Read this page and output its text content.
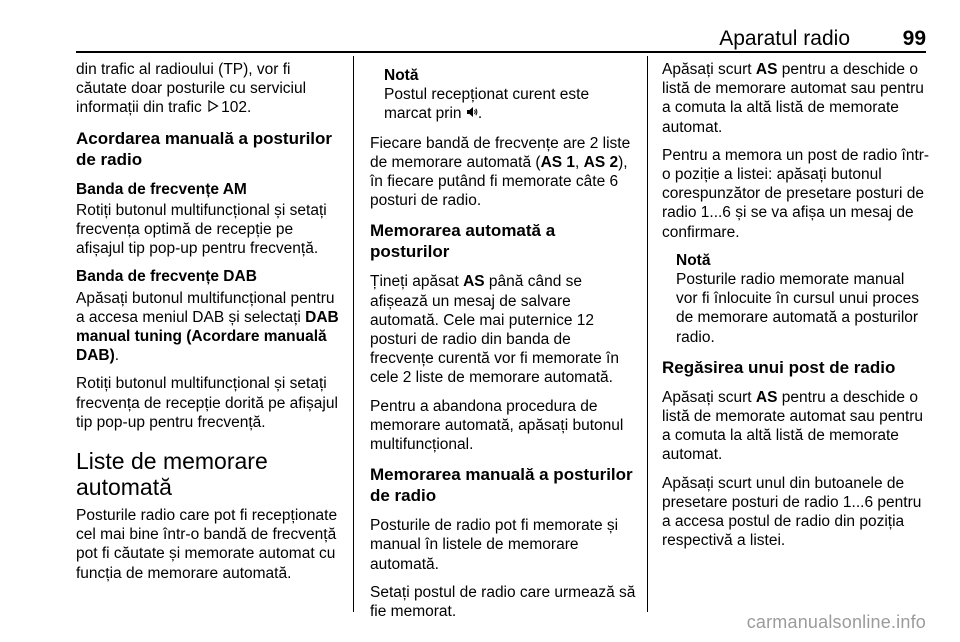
Aparatul radio	99

din trafic al radioului (TP), vor fi căutate doar posturile cu serviciul informații din trafic 102.

Acordarea manuală a posturilor de radio
Banda de frecvențe AM

Rotiți butonul multifuncțional și setați frecvența optimă de recepție pe afișajul tip pop-up pentru frecvență.

Banda de frecvențe DAB

Apăsați butonul multifuncțional pentru a accesa meniul DAB și selectați DAB manual tuning (Acordare manuală DAB).

Rotiți butonul multifuncțional și setați frecvența de recepție dorită pe afișajul tip pop-up pentru frecvență.

Liste de memorare automată

Posturile radio care pot fi recepționate cel mai bine într-o bandă de frecvență pot fi căutate și memorate automat cu funcția de memorare automată.

Notă
Postul recepționat curent este marcat prin .

Fiecare bandă de frecvențe are 2 liste de memorare automată (AS 1, AS 2), în fiecare putând fi memorate câte 6 posturi de radio.

Memorarea automată a posturilor

Țineți apăsat AS până când se afișează un mesaj de salvare automată. Cele mai puternice 12 posturi de radio din banda de frecvențe curentă vor fi memorate în cele 2 liste de memorare automată.

Pentru a abandona procedura de memorare automată, apăsați butonul multifuncțional.

Memorarea manuală a posturilor de radio

Posturile de radio pot fi memorate și manual în listele de memorare automată.

Setați postul de radio care urmează să fie memorat.

Apăsați scurt AS pentru a deschide o listă de memorare automat sau pentru a comuta la altă listă de memorate automat.

Pentru a memora un post de radio într-o poziție a listei: apăsați butonul corespunzător de presetare posturi de radio 1...6 și se va afișa un mesaj de confirmare.

Notă
Posturile radio memorate manual vor fi înlocuite în cursul unui proces de memorare automată a posturilor radio.
Regăsirea unui post de radio

Apăsați scurt AS pentru a deschide o listă de memorate automat sau pentru a comuta la altă listă de memorate automat.

Apăsați scurt unul din butoanele de presetare posturi de radio 1...6 pentru a accesa postul de radio din poziția respectivă a listei.

carmanualsonline.info
